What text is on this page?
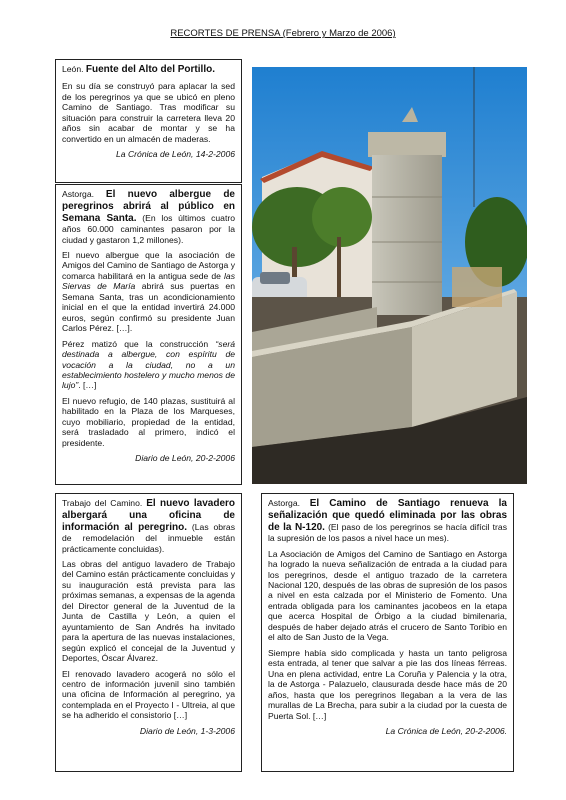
RECORTES DE PRENSA (Febrero y Marzo de 2006)

León. Fuente del Alto del Portillo.

En su día se construyó para aplacar la sed de los peregrinos ya que se ubicó en pleno Camino de Santiago. Tras modificar su situación para construir la carretera lleva 20 años sin acabar de montar y se ha convertido en un almacén de maderas.

La Crónica de León, 14-2-2006

Astorga. El nuevo albergue de peregrinos abrirá al público en Semana Santa. (En los últimos cuatro años 60.000 caminantes pasaron por la ciudad y gastaron 1,2 millones).

El nuevo albergue que la asociación de Amigos del Camino de Santiago de Astorga y comarca habilitará en la antigua sede de las Siervas de María abrirá sus puertas en Semana Santa, tras un acondicionamiento inicial en el que la entidad invertirá 24.000 euros, según confirmó su presidente Juan Carlos Pérez. […].

Pérez matizó que la construcción “será destinada a albergue, con espíritu de vocación a la ciudad, no a un establecimiento hostelero y mucho menos de lujo”. […]

El nuevo refugio, de 140 plazas, sustituirá al habilitado en la Plaza de los Marqueses, cuyo mobiliario, propiedad de la entidad, será trasladado al primero, indicó el presidente.

Diario de León, 20-2-2006

Trabajo del Camino. El nuevo lavadero albergará una oficina de información al peregrino. (Las obras de remodelación del inmueble están prácticamente concluidas).

Las obras del antiguo lavadero de Trabajo del Camino están prácticamente concluidas y su inauguración está prevista para las próximas semanas, a expensas de la agenda del Director general de la Juventud de la Junta de Castilla y León, a quien el ayuntamiento de San Andrés ha invitado para la apertura de las nuevas instalaciones, según explicó el concejal de la Juventud y Deportes, Óscar Álvarez.

El renovado lavadero acogerá no sólo el centro de información juvenil sino también una oficina de Información al peregrino, ya contemplada en el Proyecto I - Ultreia, al que se ha adherido el consistorio […]

Diario de León, 1-3-2006

Astorga. El Camino de Santiago renueva la señalización que quedó eliminada por las obras de la N-120. (El paso de los peregrinos se hacía difícil tras la supresión de los pasos a nivel hace un mes).

La Asociación de Amigos del Camino de Santiago en Astorga ha logrado la nueva señalización de entrada a la ciudad para los peregrinos, desde el antiguo trazado de la carretera Nacional 120, después de las obras de supresión de los pasos a nivel en esta calzada por el Ministerio de Fomento. Una entrada obligada para los caminantes jacobeos en la etapa que acerca Hospital de Órbigo a la ciudad bimilenaria, después de haber dejado atrás el crucero de Santo Toribio en el alto de San Justo de la Vega.

Siempre había sido complicada y hasta un tanto peligrosa esta entrada, al tener que salvar a pie las dos líneas férreas. Una en plena actividad, entre La Coruña y Palencia y la otra, la de Astorga - Palazuelo, clausurada desde hace más de 20 años, hasta que los peregrinos llegaban a la vera de las murallas de La Brecha, para subir a la ciudad por la cuesta de Puerta Sol. […]

La Crónica de León, 20-2-2006.
